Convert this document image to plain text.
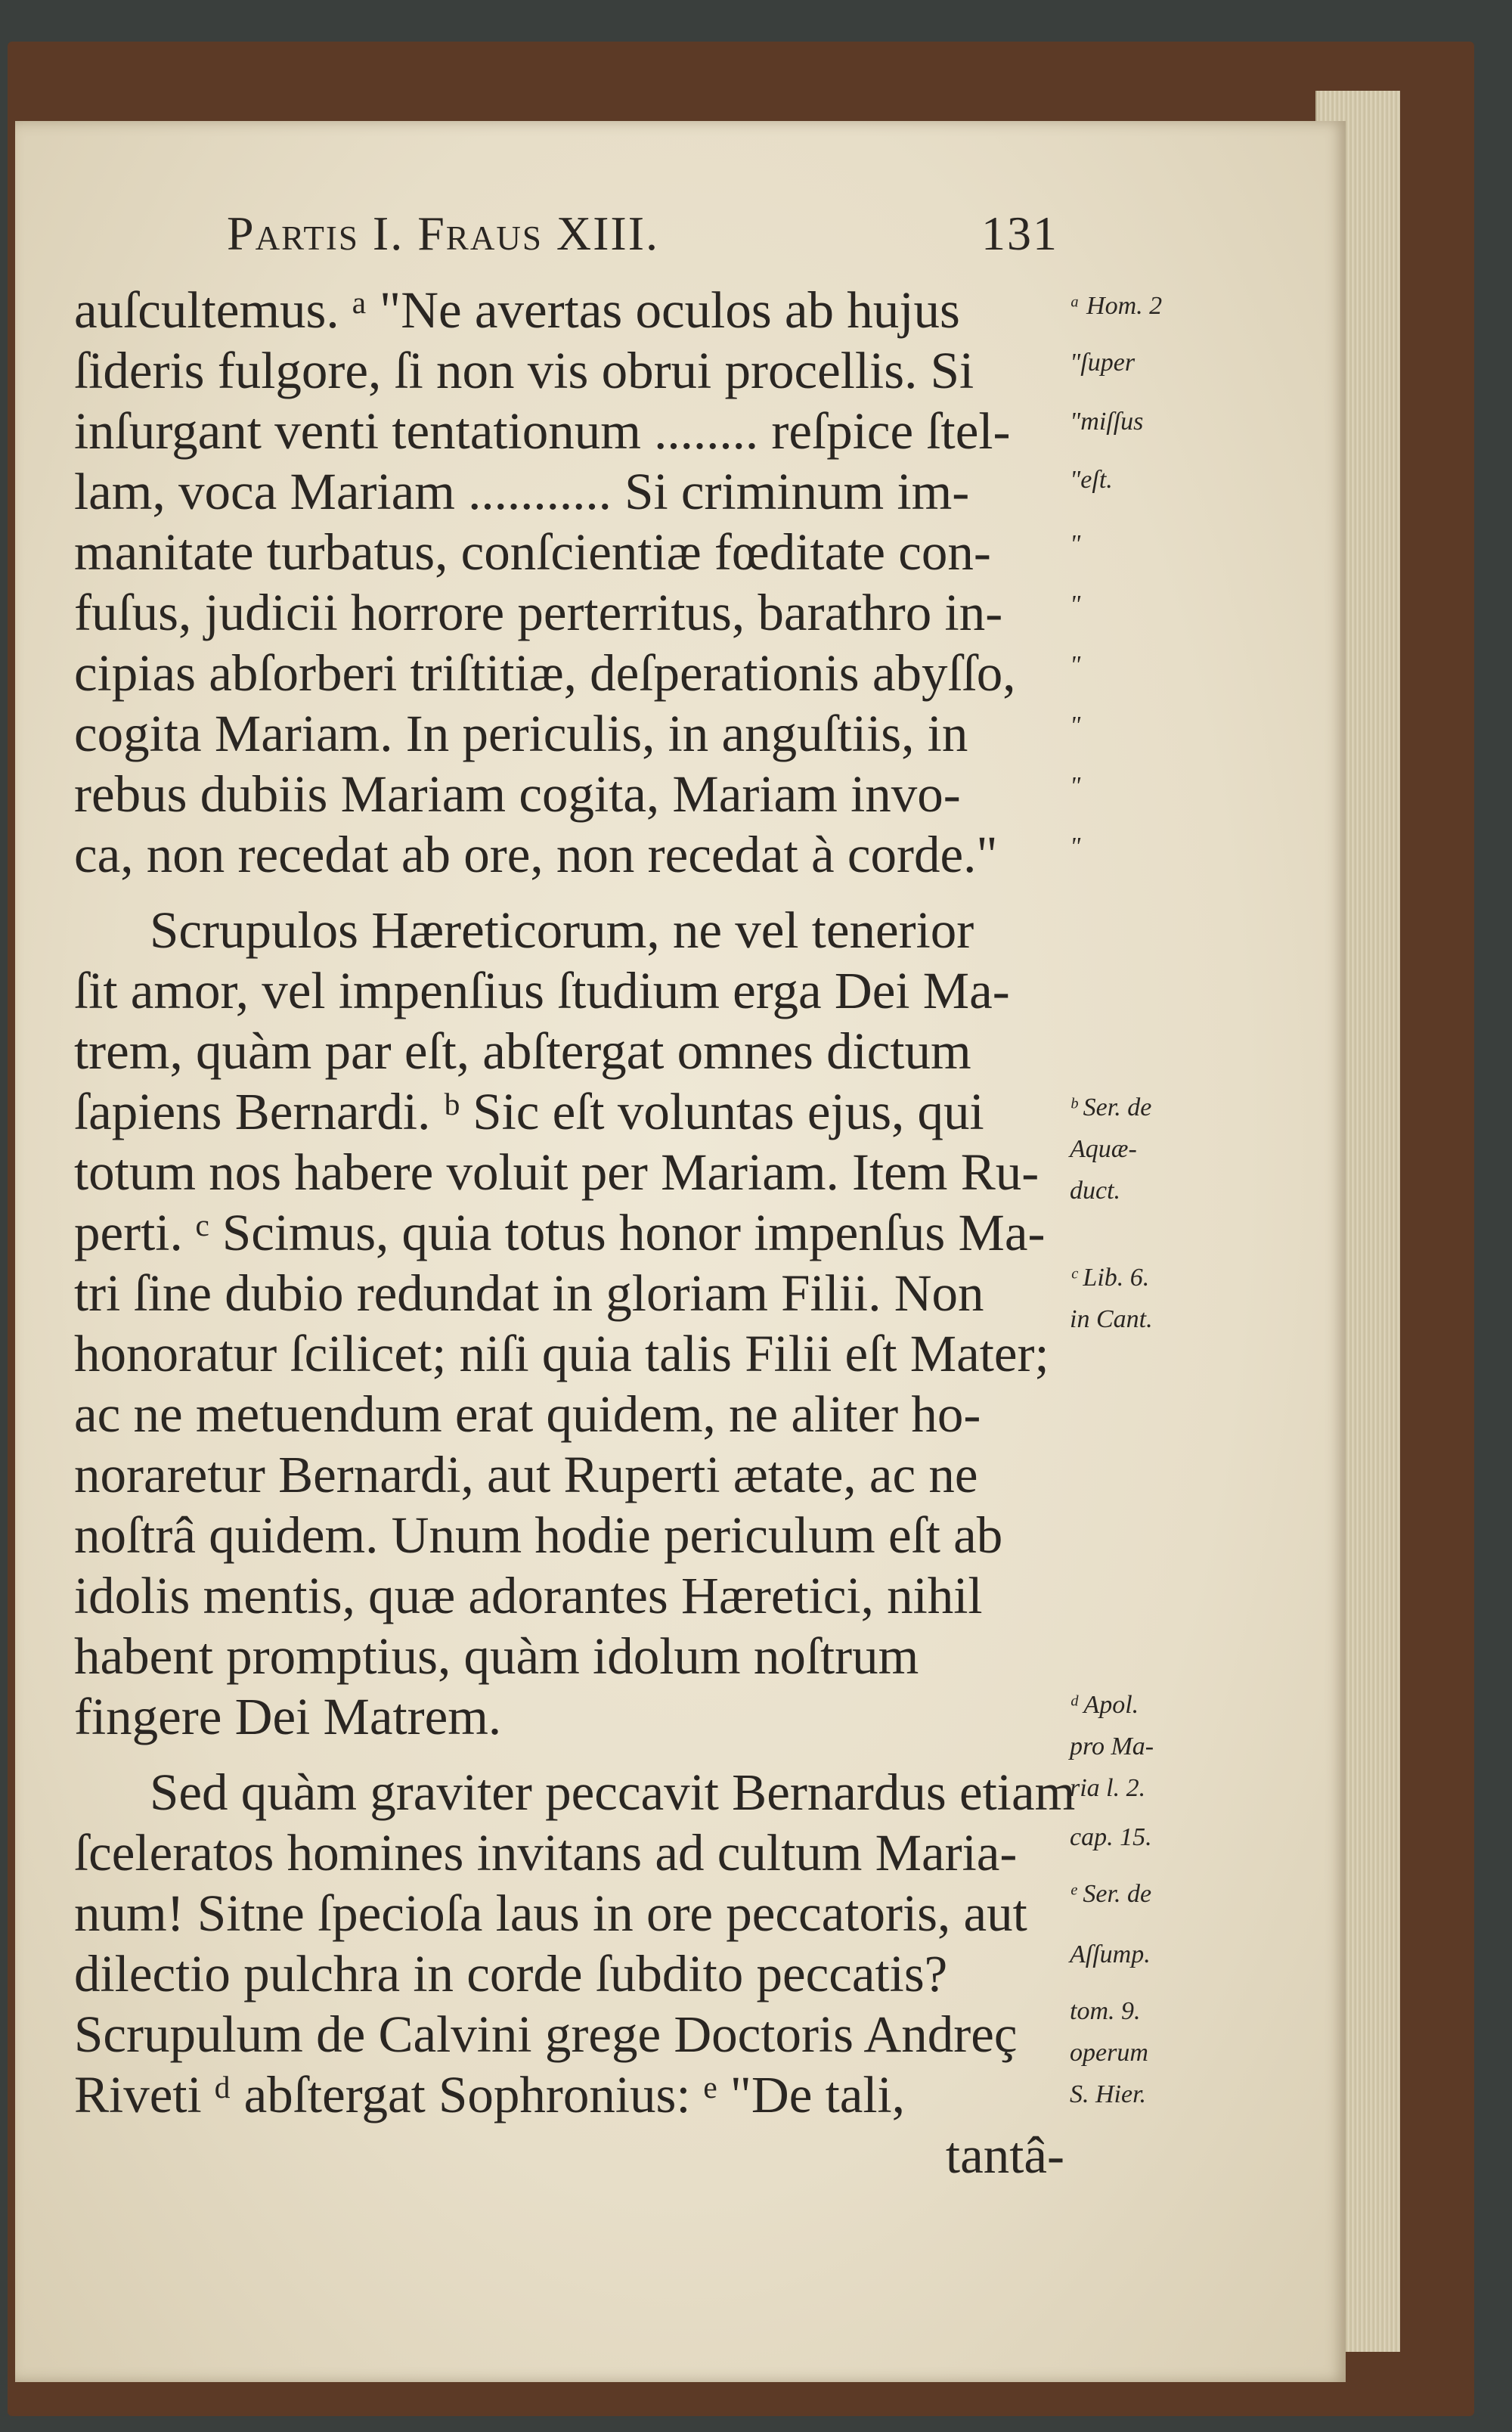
Partis I. Fraus XIII.	131
auſcultemus. ᵃ "Ne avertas oculos ab hujus
ſideris fulgore, ſi non vis obrui procellis. Si
inſurgant venti tentationum ........ reſpice ſtel-
lam, voca Mariam ........... Si criminum im-
manitate turbatus, conſcientiæ fœditate con-
fuſus, judicii horrore perterritus, barathro in-
cipias abſorberi triſtitiæ, deſperationis abyſſo,
cogita Mariam. In periculis, in anguſtiis, in
rebus dubiis Mariam cogita, Mariam invo-
ca, non recedat ab ore, non recedat à corde."
Scrupulos Hæreticorum, ne vel tenerior
ſit amor, vel impenſius ſtudium erga Dei Ma-
trem, quàm par eſt, abſtergat omnes dictum
ſapiens Bernardi. ᵇ Sic eſt voluntas ejus, qui
totum nos habere voluit per Mariam. Item Ru-
perti. ᶜ Scimus, quia totus honor impenſus Ma-
tri ſine dubio redundat in gloriam Filii. Non
honoratur ſcilicet; niſi quia talis Filii eſt Mater;
ac ne metuendum erat quidem, ne aliter ho-
noraretur Bernardi, aut Ruperti ætate, ac ne
noſtrâ quidem. Unum hodie periculum eſt ab
idolis mentis, quæ adorantes Hæretici, nihil
habent promptius, quàm idolum noſtrum
fingere Dei Matrem.
Sed quàm graviter peccavit Bernardus etiam
ſceleratos homines invitans ad cultum Maria-
num! Sitne ſpecioſa laus in ore peccatoris, aut
dilectio pulchra in corde ſubdito peccatis?
Scrupulum de Calvini grege Doctoris Andreç
Riveti ᵈ abſtergat Sophronius: ᵉ "De tali,
tantâ-
ᵃ Hom. 2
"ſuper
"miſſus
"eſt.
"
"
"
"
"
"
ᵇ Ser. de
Aquæ-
duct.
ᶜ Lib. 6.
in Cant.
ᵈ Apol.
pro Ma-
ria l. 2.
cap. 15.
ᵉ Ser. de
Aſſump.
tom. 9.
operum
S. Hier.
